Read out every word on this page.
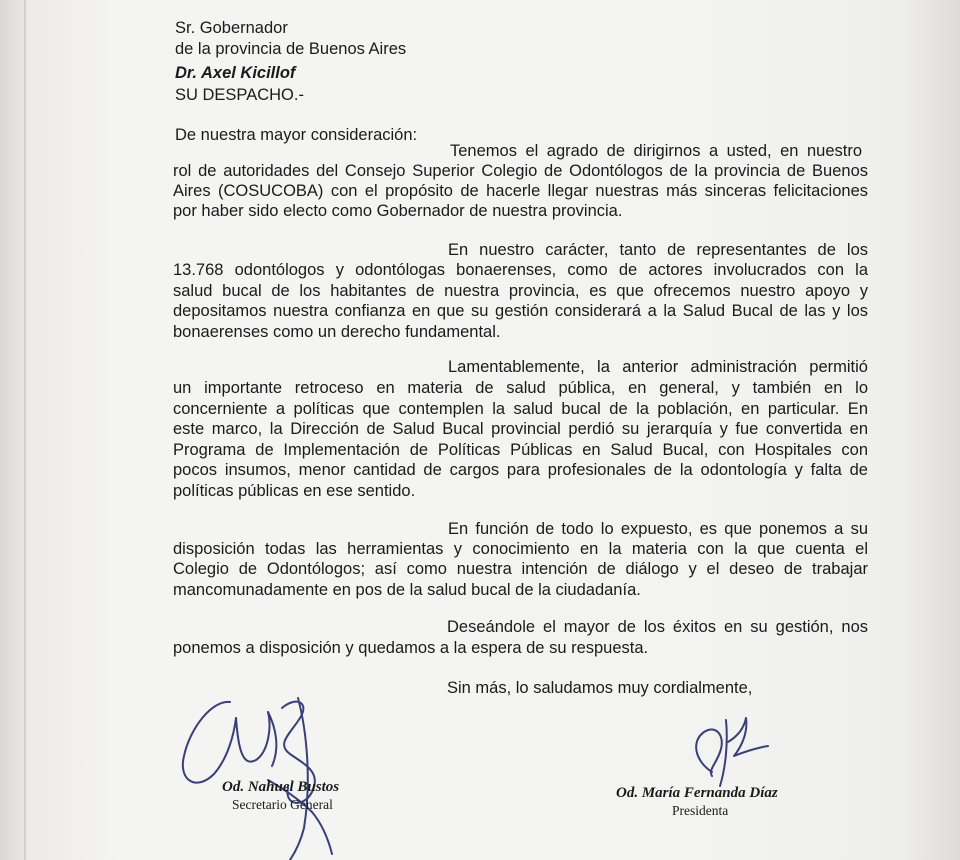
Sr. Gobernador
de la provincia de Buenos Aires
Dr. Axel Kicillof
SU DESPACHO.-
De nuestra mayor consideración:
Tenemos el agrado de dirigirnos a usted, en nuestro
rol de autoridades del Consejo Superior Colegio de Odontólogos de la provincia de Buenos
Aires (COSUCOBA) con el propósito de hacerle llegar nuestras más sinceras felicitaciones
por haber sido electo como Gobernador de nuestra provincia.
En nuestro carácter, tanto de representantes de los
13.768 odontólogos y odontólogas bonaerenses, como de actores involucrados con la
salud bucal de los habitantes de nuestra provincia, es que ofrecemos nuestro apoyo y
depositamos nuestra confianza en que su gestión considerará a la Salud Bucal de las y los
bonaerenses como un derecho fundamental.
Lamentablemente, la anterior administración permitió
un importante retroceso en materia de salud pública, en general, y también en lo
concerniente a políticas que contemplen la salud bucal de la población, en particular. En
este marco, la Dirección de Salud Bucal provincial perdió su jerarquía y fue convertida en
Programa de Implementación de Políticas Públicas en Salud Bucal, con Hospitales con
pocos insumos, menor cantidad de cargos para profesionales de la odontología y falta de
políticas públicas en ese sentido.
En función de todo lo expuesto, es que ponemos a su
disposición todas las herramientas y conocimiento en la materia con la que cuenta el
Colegio de Odontólogos; así como nuestra intención de diálogo y el deseo de trabajar
mancomunadamente en pos de la salud bucal de la ciudadanía.
Deseándole el mayor de los éxitos en su gestión, nos
ponemos a disposición y quedamos a la espera de su respuesta.
Sin más, lo saludamos muy cordialmente,
Od. Nahuel Bustos
Secretario General
Od. María Fernanda Díaz
Presidenta
